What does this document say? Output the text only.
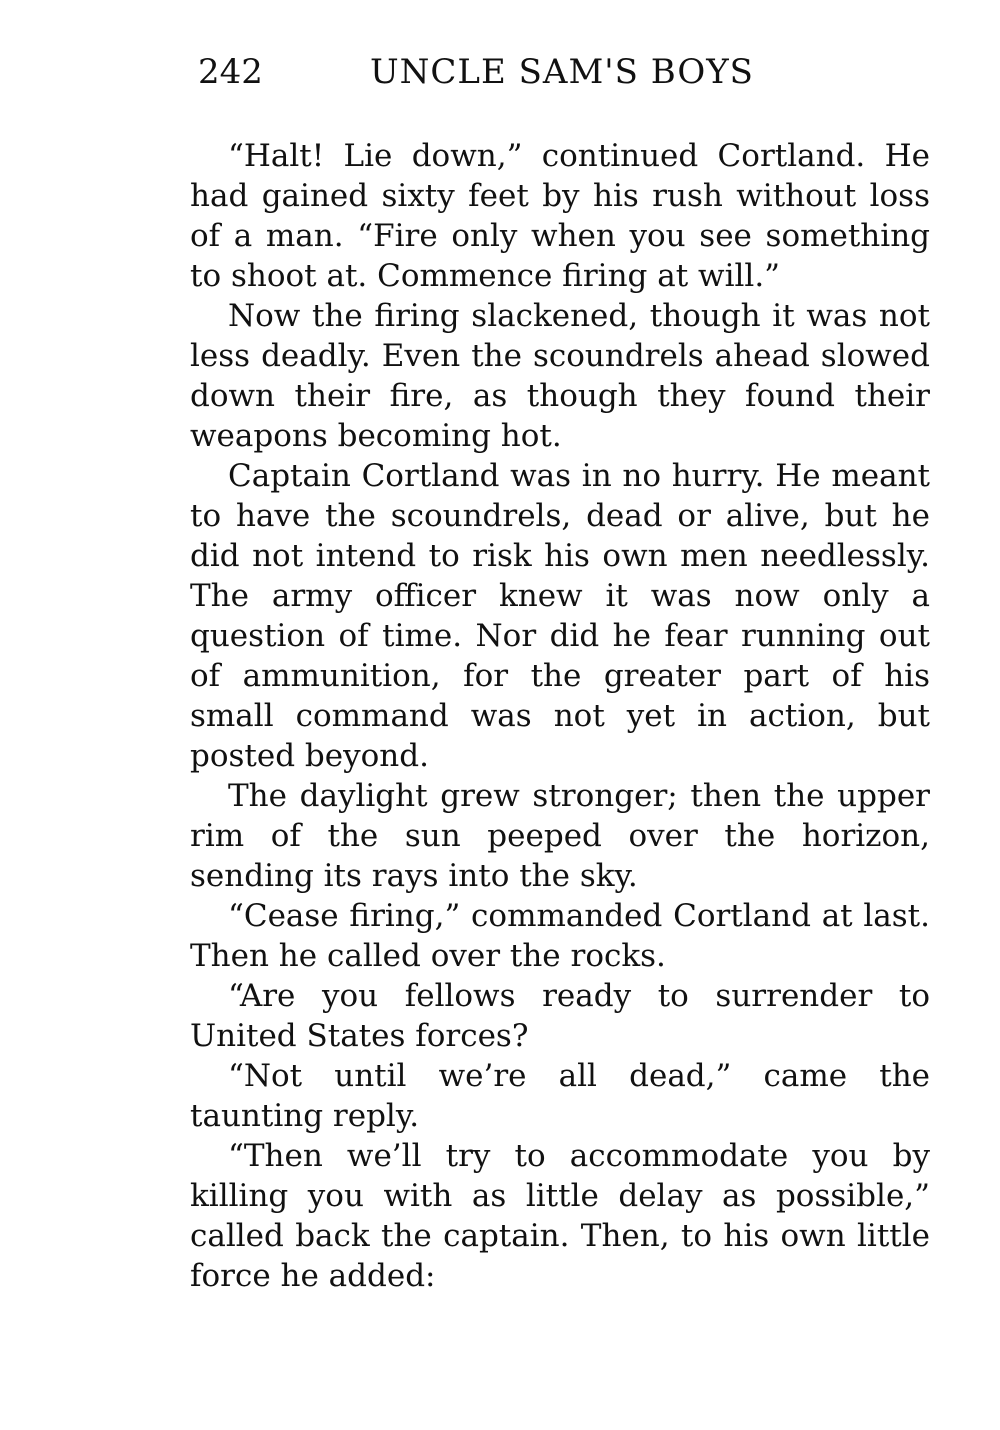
242	UNCLE SAM'S BOYS

“Halt! Lie down,” continued Cortland. He had gained sixty feet by his rush without loss of a man. “Fire only when you see something to shoot at. Commence firing at will.”

Now the firing slackened, though it was not less deadly. Even the scoundrels ahead slowed down their fire, as though they found their weapons becoming hot.

Captain Cortland was in no hurry. He meant to have the scoundrels, dead or alive, but he did not intend to risk his own men needlessly. The army officer knew it was now only a question of time. Nor did he fear running out of ammunition, for the greater part of his small command was not yet in action, but posted beyond.

The daylight grew stronger; then the upper rim of the sun peeped over the horizon, sending its rays into the sky.

“Cease firing,” commanded Cortland at last. Then he called over the rocks.

“Are you fellows ready to surrender to United States forces?

“Not until we’re all dead,” came the taunting reply.

“Then we’ll try to accommodate you by killing you with as little delay as possible,” called back the captain. Then, to his own little force he added:
